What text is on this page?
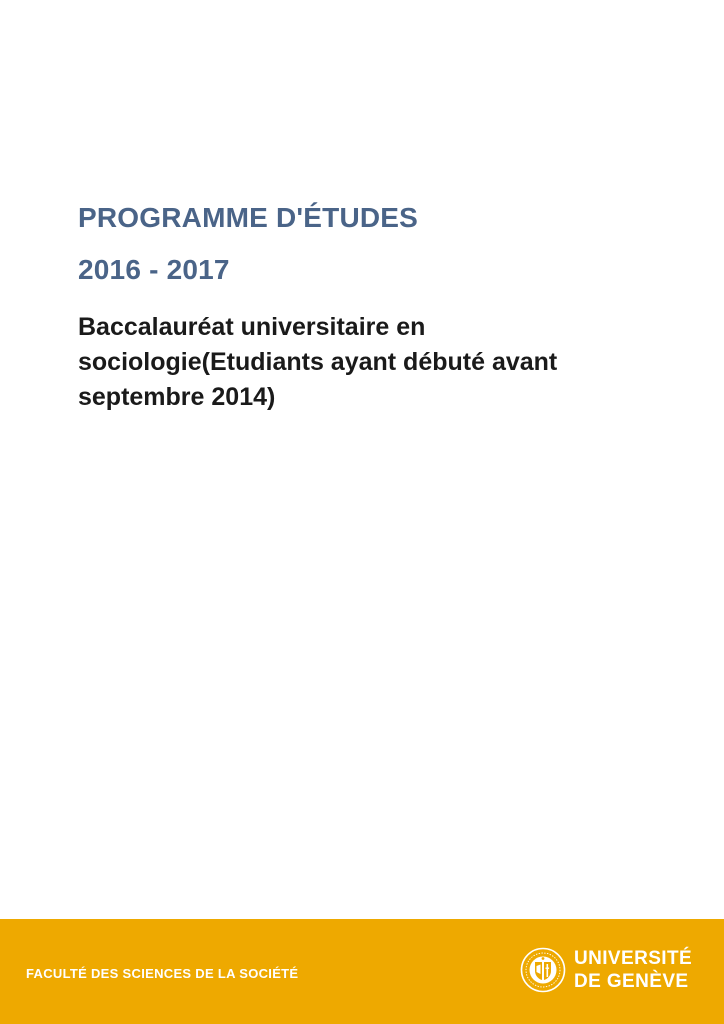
PROGRAMME D'ÉTUDES
2016 - 2017
Baccalauréat universitaire en sociologie(Etudiants ayant débuté avant septembre 2014)

FACULTÉ DES SCIENCES DE LA SOCIÉTÉ

UNIVERSITÉ
DE GENÈVE
